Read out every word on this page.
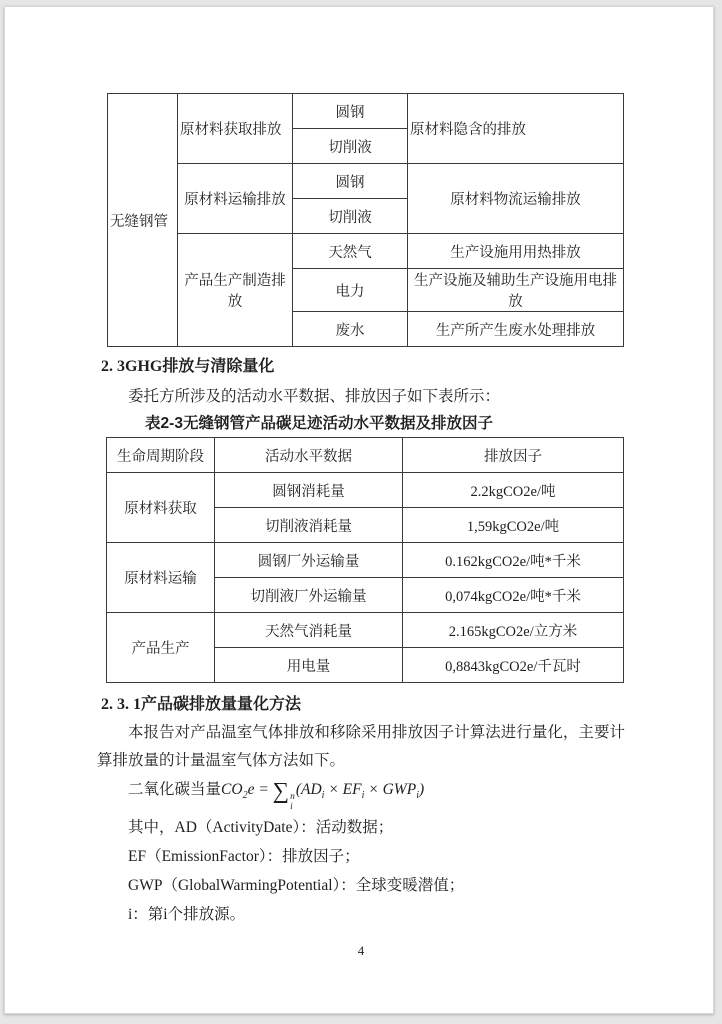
无缝钢管	原材料获取排放	圆钢	原材料隐含的排放
		切削液	
	原材料运输排放	圆钢	原材料物流运输排放
		切削液	
	产品生产制造排放	天然气	生产设施用用热排放
		电力	生产设施及辅助生产设施用电排放
		废水	生产所产生废水处理排放
2. 3GHG排放与清除量化
委托方所涉及的活动水平数据、排放因子如下表所示：
表2-3无缝钢管产品碳足迹活动水平数据及排放因子
生命周期阶段	活动水平数据	排放因子
原材料获取	圆钢消耗量	2.2kgCO2e/吨
	切削液消耗量	1,59kgCO2e/吨
原材料运输	圆钢厂外运输量	0.162kgCO2e/吨*千米
	切削液厂外运输量	0,074kgCO2e/吨*千米
产品生产	天然气消耗量	2.165kgCO2e/立方米
	用电量	0,8843kgCO2e/千瓦时
2. 3. 1产品碳排放量量化方法
本报告对产品温室气体排放和移除采用排放因子计算法进行量化，主要计算排放量的计量温室气体方法如下。
二氧化碳当量$CO_2e$ = ∑ n
i
$(AD_i \times EF_i \times GWP_i)$
其中，AD（ActivityDate）：活动数据；
EF（EmissionFactor）：排放因子；
GWP（GlobalWarmingPotential）：全球变暖潜值；
i：第i个排放源。
4
